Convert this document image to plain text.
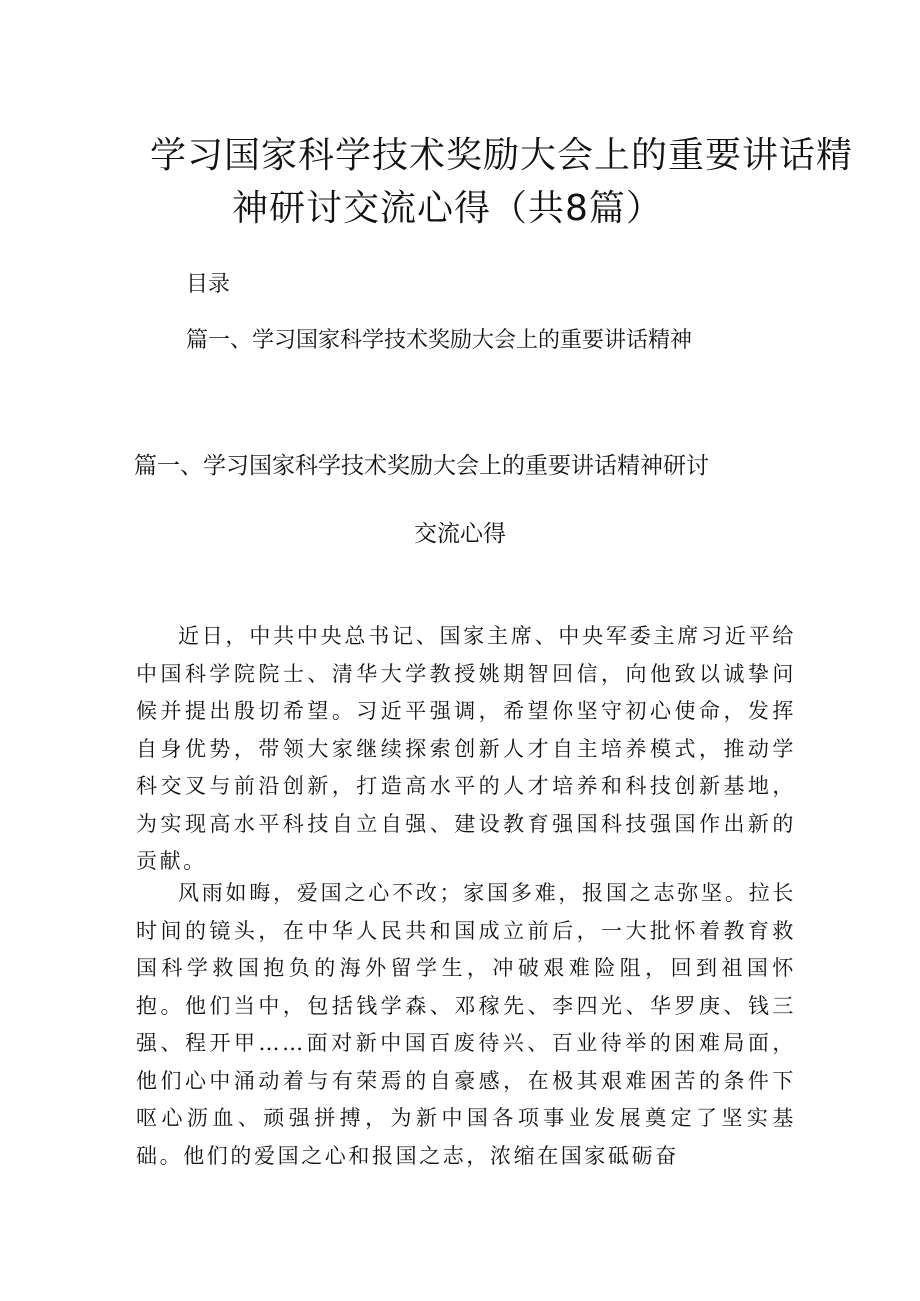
学习国家科学技术奖励大会上的重要讲话精
神研讨交流心得（共8篇）
目录
篇一、学习国家科学技术奖励大会上的重要讲话精神
篇一、学习国家科学技术奖励大会上的重要讲话精神研讨
交流心得

近日，中共中央总书记、国家主席、中央军委主席习近平给中国科学院院士、清华大学教授姚期智回信，向他致以诚挚问候并提出殷切希望。习近平强调，希望你坚守初心使命，发挥自身优势，带领大家继续探索创新人才自主培养模式，推动学科交叉与前沿创新，打造高水平的人才培养和科技创新基地，为实现高水平科技自立自强、建设教育强国科技强国作出新的贡献。

风雨如晦，爱国之心不改；家国多难，报国之志弥坚。拉长时间的镜头，在中华人民共和国成立前后，一大批怀着教育救国科学救国抱负的海外留学生，冲破艰难险阻，回到祖国怀抱。他们当中，包括钱学森、邓稼先、李四光、华罗庚、钱三强、程开甲……面对新中国百废待兴、百业待举的困难局面，他们心中涌动着与有荣焉的自豪感，在极其艰难困苦的条件下呕心沥血、顽强拼搏，为新中国各项事业发展奠定了坚实基础。他们的爱国之心和报国之志，浓缩在国家砥砺奋
